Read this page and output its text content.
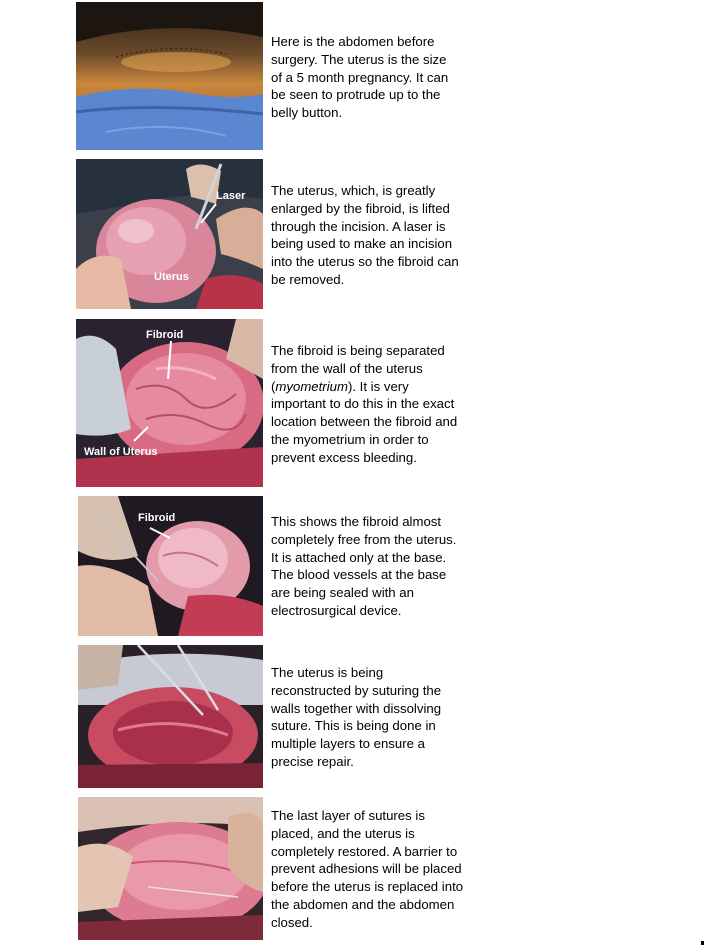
Here is the abdomen before
surgery. The uterus is the size
of a 5 month pregnancy. It can
be seen to protrude up to the
belly button.
Laser
Uterus
The uterus, which, is greatly
enlarged by the fibroid, is lifted
through the incision. A laser is
being used to make an incision
into the uterus so the fibroid can
be removed.
Fibroid
Wall of Uterus
The fibroid is being separated
from the wall of the uterus
(myometrium). It is very
important to do this in the exact
location between the fibroid and
the myometrium in order to
prevent excess bleeding.
Fibroid	This shows the fibroid almost
completely free from the uterus.
It is attached only at the base.
The blood vessels at the base
are being sealed with an
electrosurgical device.
The uterus is being
reconstructed by suturing the
walls together with dissolving
suture. This is being done in
multiple layers to ensure a
precise repair.
The last layer of sutures is
placed, and the uterus is
completely restored. A barrier to
prevent adhesions will be placed
before the uterus is replaced into
the abdomen and the abdomen
closed.
